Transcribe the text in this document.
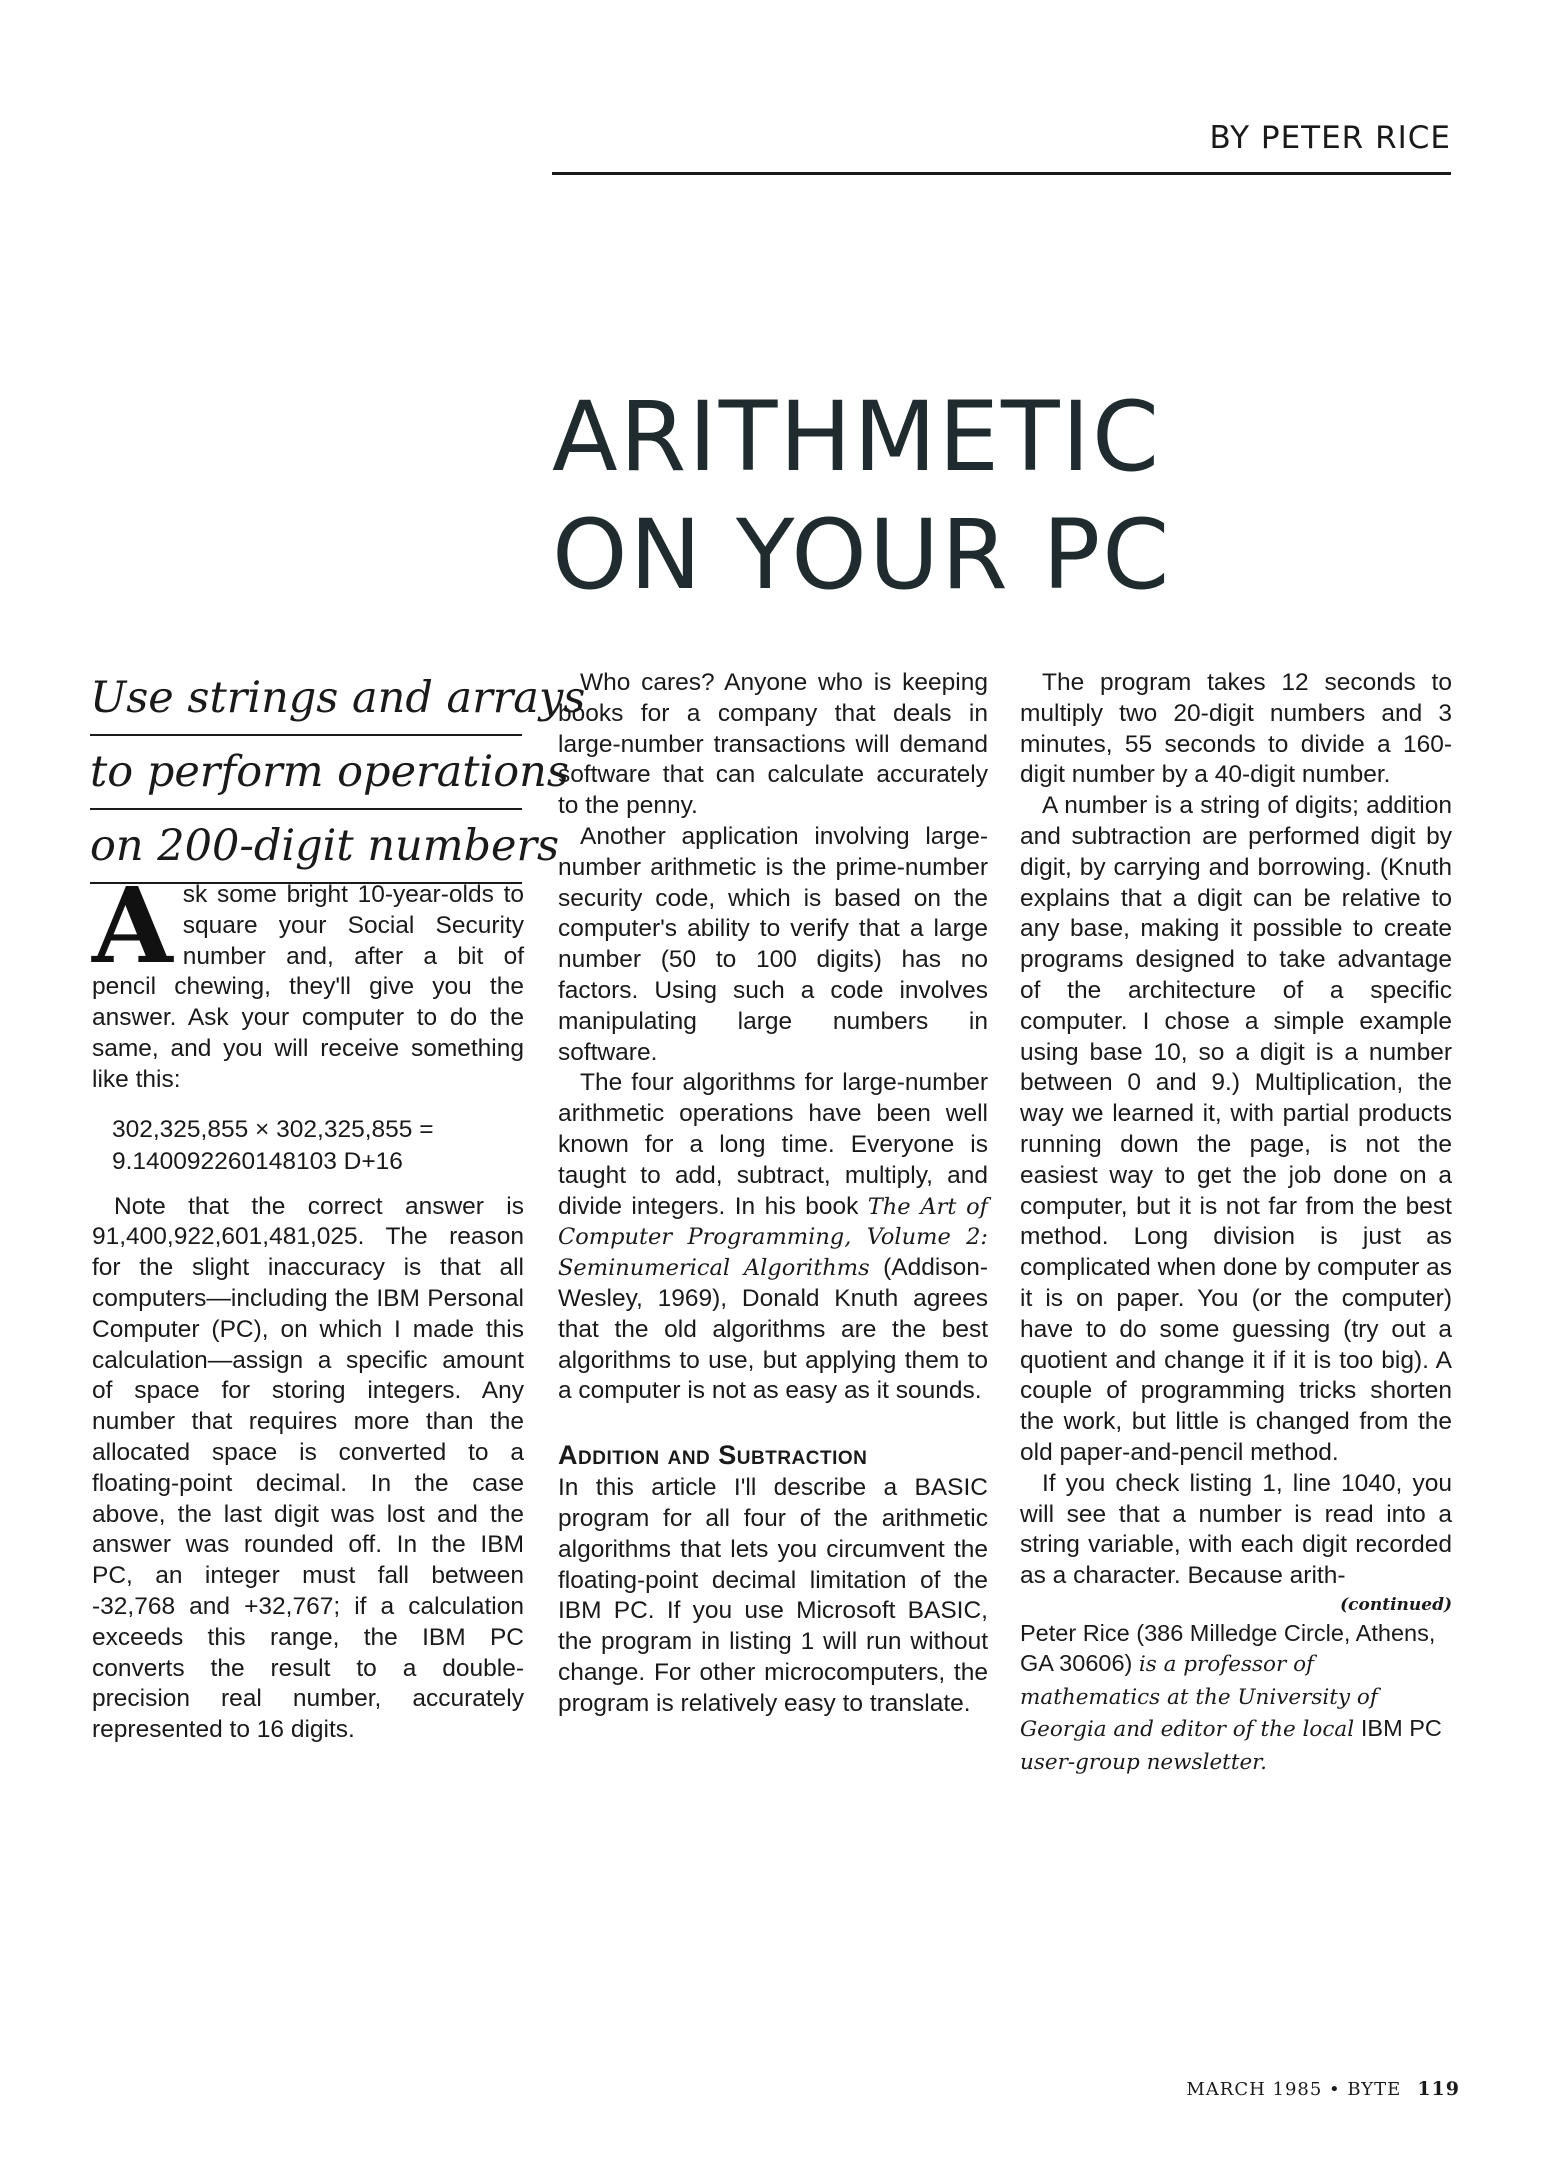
BY PETER RICE
ARITHMETIC
ON YOUR PC
Use strings and arrays
to perform operations
on 200-digit numbers

Ask some bright 10-year-olds to square your Social Security number and, after a bit of pencil chewing, they'll give you the answer. Ask your computer to do the same, and you will receive something like this:

302,325,855 × 302,325,855 =
9.140092260148103 D+16

Note that the correct answer is 91,400,922,601,481,025. The reason for the slight inaccuracy is that all computers—including the IBM Personal Computer (PC), on which I made this calculation—assign a specific amount of space for storing integers. Any number that requires more than the allocated space is converted to a floating-point decimal. In the case above, the last digit was lost and the answer was rounded off. In the IBM PC, an integer must fall between -32,768 and +32,767; if a calculation exceeds this range, the IBM PC converts the result to a double-precision real number, accurately represented to 16 digits.

Who cares? Anyone who is keeping books for a company that deals in large-number transactions will demand software that can calculate accurately to the penny.

Another application involving large-number arithmetic is the prime-number security code, which is based on the computer's ability to verify that a large number (50 to 100 digits) has no factors. Using such a code involves manipulating large numbers in software.

The four algorithms for large-number arithmetic operations have been well known for a long time. Everyone is taught to add, subtract, multiply, and divide integers. In his book The Art of Computer Programming, Volume 2: Seminumerical Algorithms (Addison-Wesley, 1969), Donald Knuth agrees that the old algorithms are the best algorithms to use, but applying them to a computer is not as easy as it sounds.

Addition and Subtraction

In this article I'll describe a BASIC program for all four of the arithmetic algorithms that lets you circumvent the floating-point decimal limitation of the IBM PC. If you use Microsoft BASIC, the program in listing 1 will run without change. For other microcomputers, the program is relatively easy to translate.

The program takes 12 seconds to multiply two 20-digit numbers and 3 minutes, 55 seconds to divide a 160-digit number by a 40-digit number.

A number is a string of digits; addition and subtraction are performed digit by digit, by carrying and borrowing. (Knuth explains that a digit can be relative to any base, making it possible to create programs designed to take advantage of the architecture of a specific computer. I chose a simple example using base 10, so a digit is a number between 0 and 9.) Multiplication, the way we learned it, with partial products running down the page, is not the easiest way to get the job done on a computer, but it is not far from the best method. Long division is just as complicated when done by computer as it is on paper. You (or the computer) have to do some guessing (try out a quotient and change it if it is too big). A couple of programming tricks shorten the work, but little is changed from the old paper-and-pencil method.

If you check listing 1, line 1040, you will see that a number is read into a string variable, with each digit recorded as a character. Because arith-

(continued)

Peter Rice (386 Milledge Circle, Athens, GA 30606) is a professor of mathematics at the University of Georgia and editor of the local IBM PC user-group newsletter.

MARCH 1985 • BYTE 119
